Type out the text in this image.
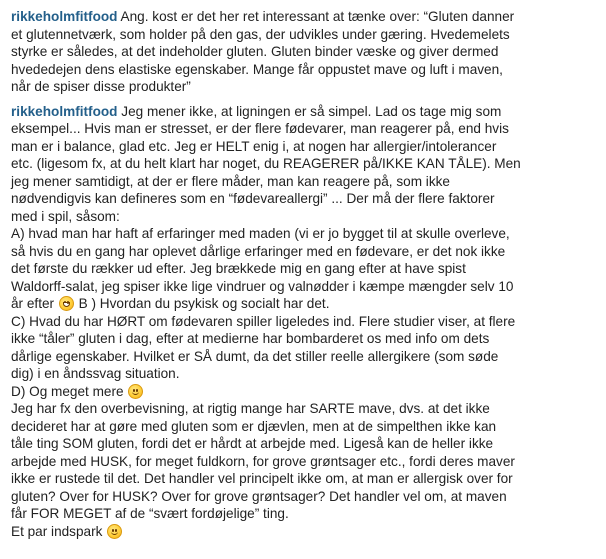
rikkeholmfitfood Ang. kost er det her ret interessant at tænke over: “Gluten danner
et glutennetværk, som holder på den gas, der udvikles under gæring. Hvedemelets
styrke er således, at det indeholder gluten. Gluten binder væske og giver dermed
hvededejen dens elastiske egenskaber. Mange får oppustet mave og luft i maven,
når de spiser disse produkter”
rikkeholmfitfood Jeg mener ikke, at ligningen er så simpel. Lad os tage mig som
eksempel... Hvis man er stresset, er der flere fødevarer, man reagerer på, end hvis
man er i balance, glad etc. Jeg er HELT enig i, at nogen har allergier/intolerancer
etc. (ligesom fx, at du helt klart har noget, du REAGERER på/IKKE KAN TÅLE). Men
jeg mener samtidigt, at der er flere måder, man kan reagere på, som ikke
nødvendigvis kan defineres som en “fødevareallergi” ... Der må der flere faktorer
med i spil, såsom:
A) hvad man har haft af erfaringer med maden (vi er jo bygget til at skulle overleve,
så hvis du en gang har oplevet dårlige erfaringer med en fødevare, er det nok ikke
det første du rækker ud efter. Jeg brækkede mig en gang efter at have spist
Waldorff-salat, jeg spiser ikke lige vindruer og valnødder i kæmpe mængder selv 10
år efter
B ) Hvordan du psykisk og socialt har det.
C) Hvad du har HØRT om fødevaren spiller ligeledes ind. Flere studier viser, at flere
ikke “tåler” gluten i dag, efter at medierne har bombarderet os med info om dets
dårlige egenskaber. Hvilket er SÅ dumt, da det stiller reelle allergikere (som søde
dig) i en åndssvag situation.
D) Og meget mere
Jeg har fx den overbevisning, at rigtig mange har SARTE mave, dvs. at det ikke
decideret har at gøre med gluten som er djævlen, men at de simpelthen ikke kan
tåle ting SOM gluten, fordi det er hårdt at arbejde med. Ligeså kan de heller ikke
arbejde med HUSK, for meget fuldkorn, for grove grøntsager etc., fordi deres maver
ikke er rustede til det. Det handler vel principelt ikke om, at man er allergisk over for
gluten? Over for HUSK? Over for grove grøntsager? Det handler vel om, at maven
får FOR MEGET af de “svært fordøjelige” ting.
Et par indspark
